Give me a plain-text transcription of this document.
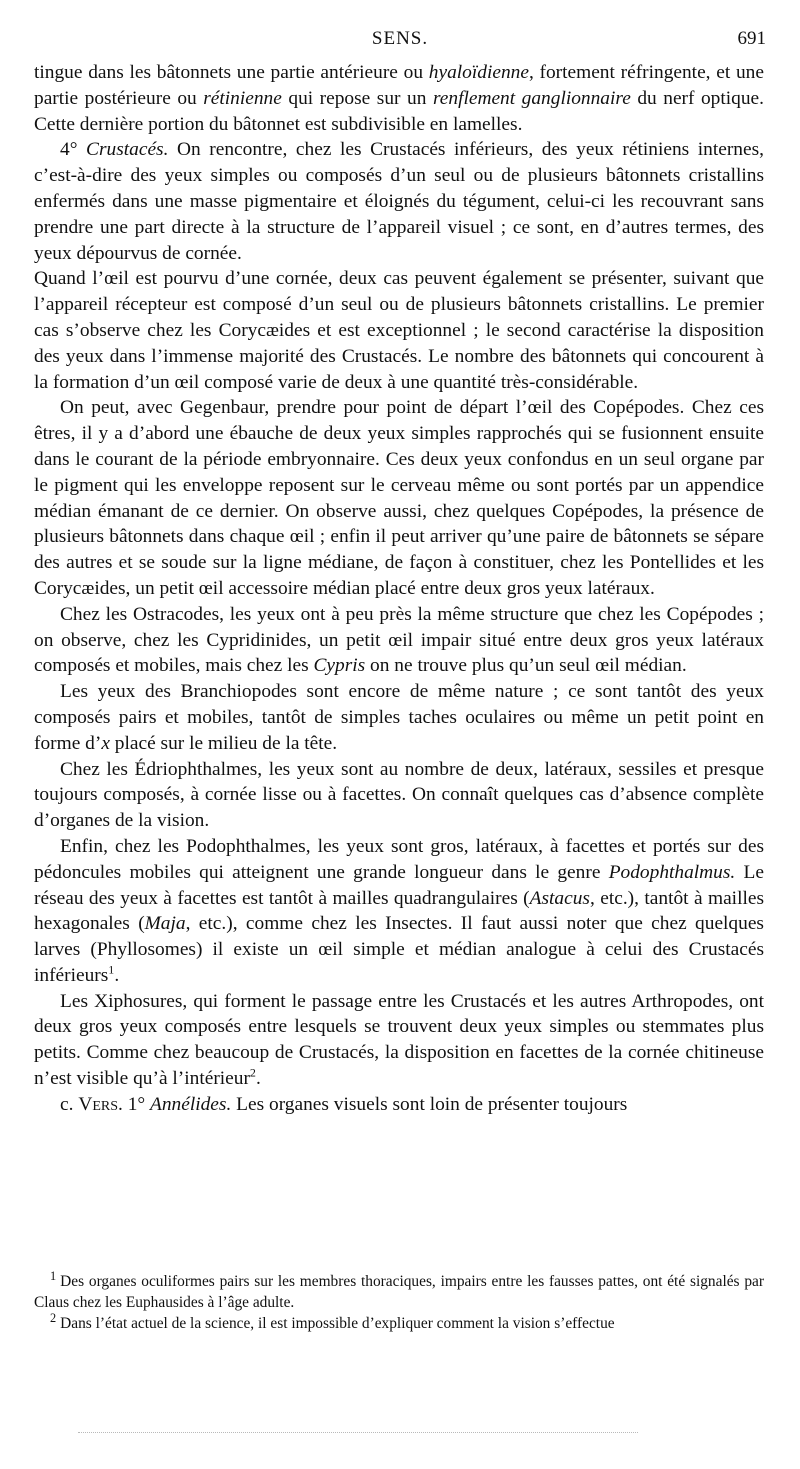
SENS.	691

tingue dans les bâtonnets une partie antérieure ou hyaloïdienne, fortement réfringente, et une partie postérieure ou rétinienne qui repose sur un renflement ganglionnaire du nerf optique. Cette dernière portion du bâtonnet est subdivisible en lamelles.

4° Crustacés. On rencontre, chez les Crustacés inférieurs, des yeux rétiniens internes, c’est-à-dire des yeux simples ou composés d’un seul ou de plusieurs bâtonnets cristallins enfermés dans une masse pigmentaire et éloignés du tégument, celui-ci les recouvrant sans prendre une part directe à la structure de l’appareil visuel ; ce sont, en d’autres termes, des yeux dépourvus de cornée.

Quand l’œil est pourvu d’une cornée, deux cas peuvent également se présenter, suivant que l’appareil récepteur est composé d’un seul ou de plusieurs bâtonnets cristallins. Le premier cas s’observe chez les Corycæides et est exceptionnel ; le second caractérise la disposition des yeux dans l’immense majorité des Crustacés. Le nombre des bâtonnets qui concourent à la formation d’un œil composé varie de deux à une quantité très-considérable.

On peut, avec Gegenbaur, prendre pour point de départ l’œil des Copépodes. Chez ces êtres, il y a d’abord une ébauche de deux yeux simples rapprochés qui se fusionnent ensuite dans le courant de la période embryonnaire. Ces deux yeux confondus en un seul organe par le pigment qui les enveloppe reposent sur le cerveau même ou sont portés par un appendice médian émanant de ce dernier. On observe aussi, chez quelques Copépodes, la présence de plusieurs bâtonnets dans chaque œil ; enfin il peut arriver qu’une paire de bâtonnets se sépare des autres et se soude sur la ligne médiane, de façon à constituer, chez les Pontellides et les Corycæides, un petit œil accessoire médian placé entre deux gros yeux latéraux.

Chez les Ostracodes, les yeux ont à peu près la même structure que chez les Copépodes ; on observe, chez les Cypridinides, un petit œil impair situé entre deux gros yeux latéraux composés et mobiles, mais chez les Cypris on ne trouve plus qu’un seul œil médian.

Les yeux des Branchiopodes sont encore de même nature ; ce sont tantôt des yeux composés pairs et mobiles, tantôt de simples taches oculaires ou même un petit point en forme d’x placé sur le milieu de la tête.

Chez les Édriophthalmes, les yeux sont au nombre de deux, latéraux, sessiles et presque toujours composés, à cornée lisse ou à facettes. On connaît quelques cas d’absence complète d’organes de la vision.

Enfin, chez les Podophthalmes, les yeux sont gros, latéraux, à facettes et portés sur des pédoncules mobiles qui atteignent une grande longueur dans le genre Podophthalmus. Le réseau des yeux à facettes est tantôt à mailles quadrangulaires (Astacus, etc.), tantôt à mailles hexagonales (Maja, etc.), comme chez les Insectes. Il faut aussi noter que chez quelques larves (Phyllosomes) il existe un œil simple et médian analogue à celui des Crustacés inférieurs$^1$.

Les Xiphosures, qui forment le passage entre les Crustacés et les autres Arthropodes, ont deux gros yeux composés entre lesquels se trouvent deux yeux simples ou stemmates plus petits. Comme chez beaucoup de Crustacés, la disposition en facettes de la cornée chitineuse n’est visible qu’à l’intérieur$^2$.

c. Vers. 1° Annélides. Les organes visuels sont loin de présenter toujours

$^1$ Des organes oculiformes pairs sur les membres thoraciques, impairs entre les fausses pattes, ont été signalés par Claus chez les Euphausides à l’âge adulte.

$^2$ Dans l’état actuel de la science, il est impossible d’expliquer comment la vision s’effectue
